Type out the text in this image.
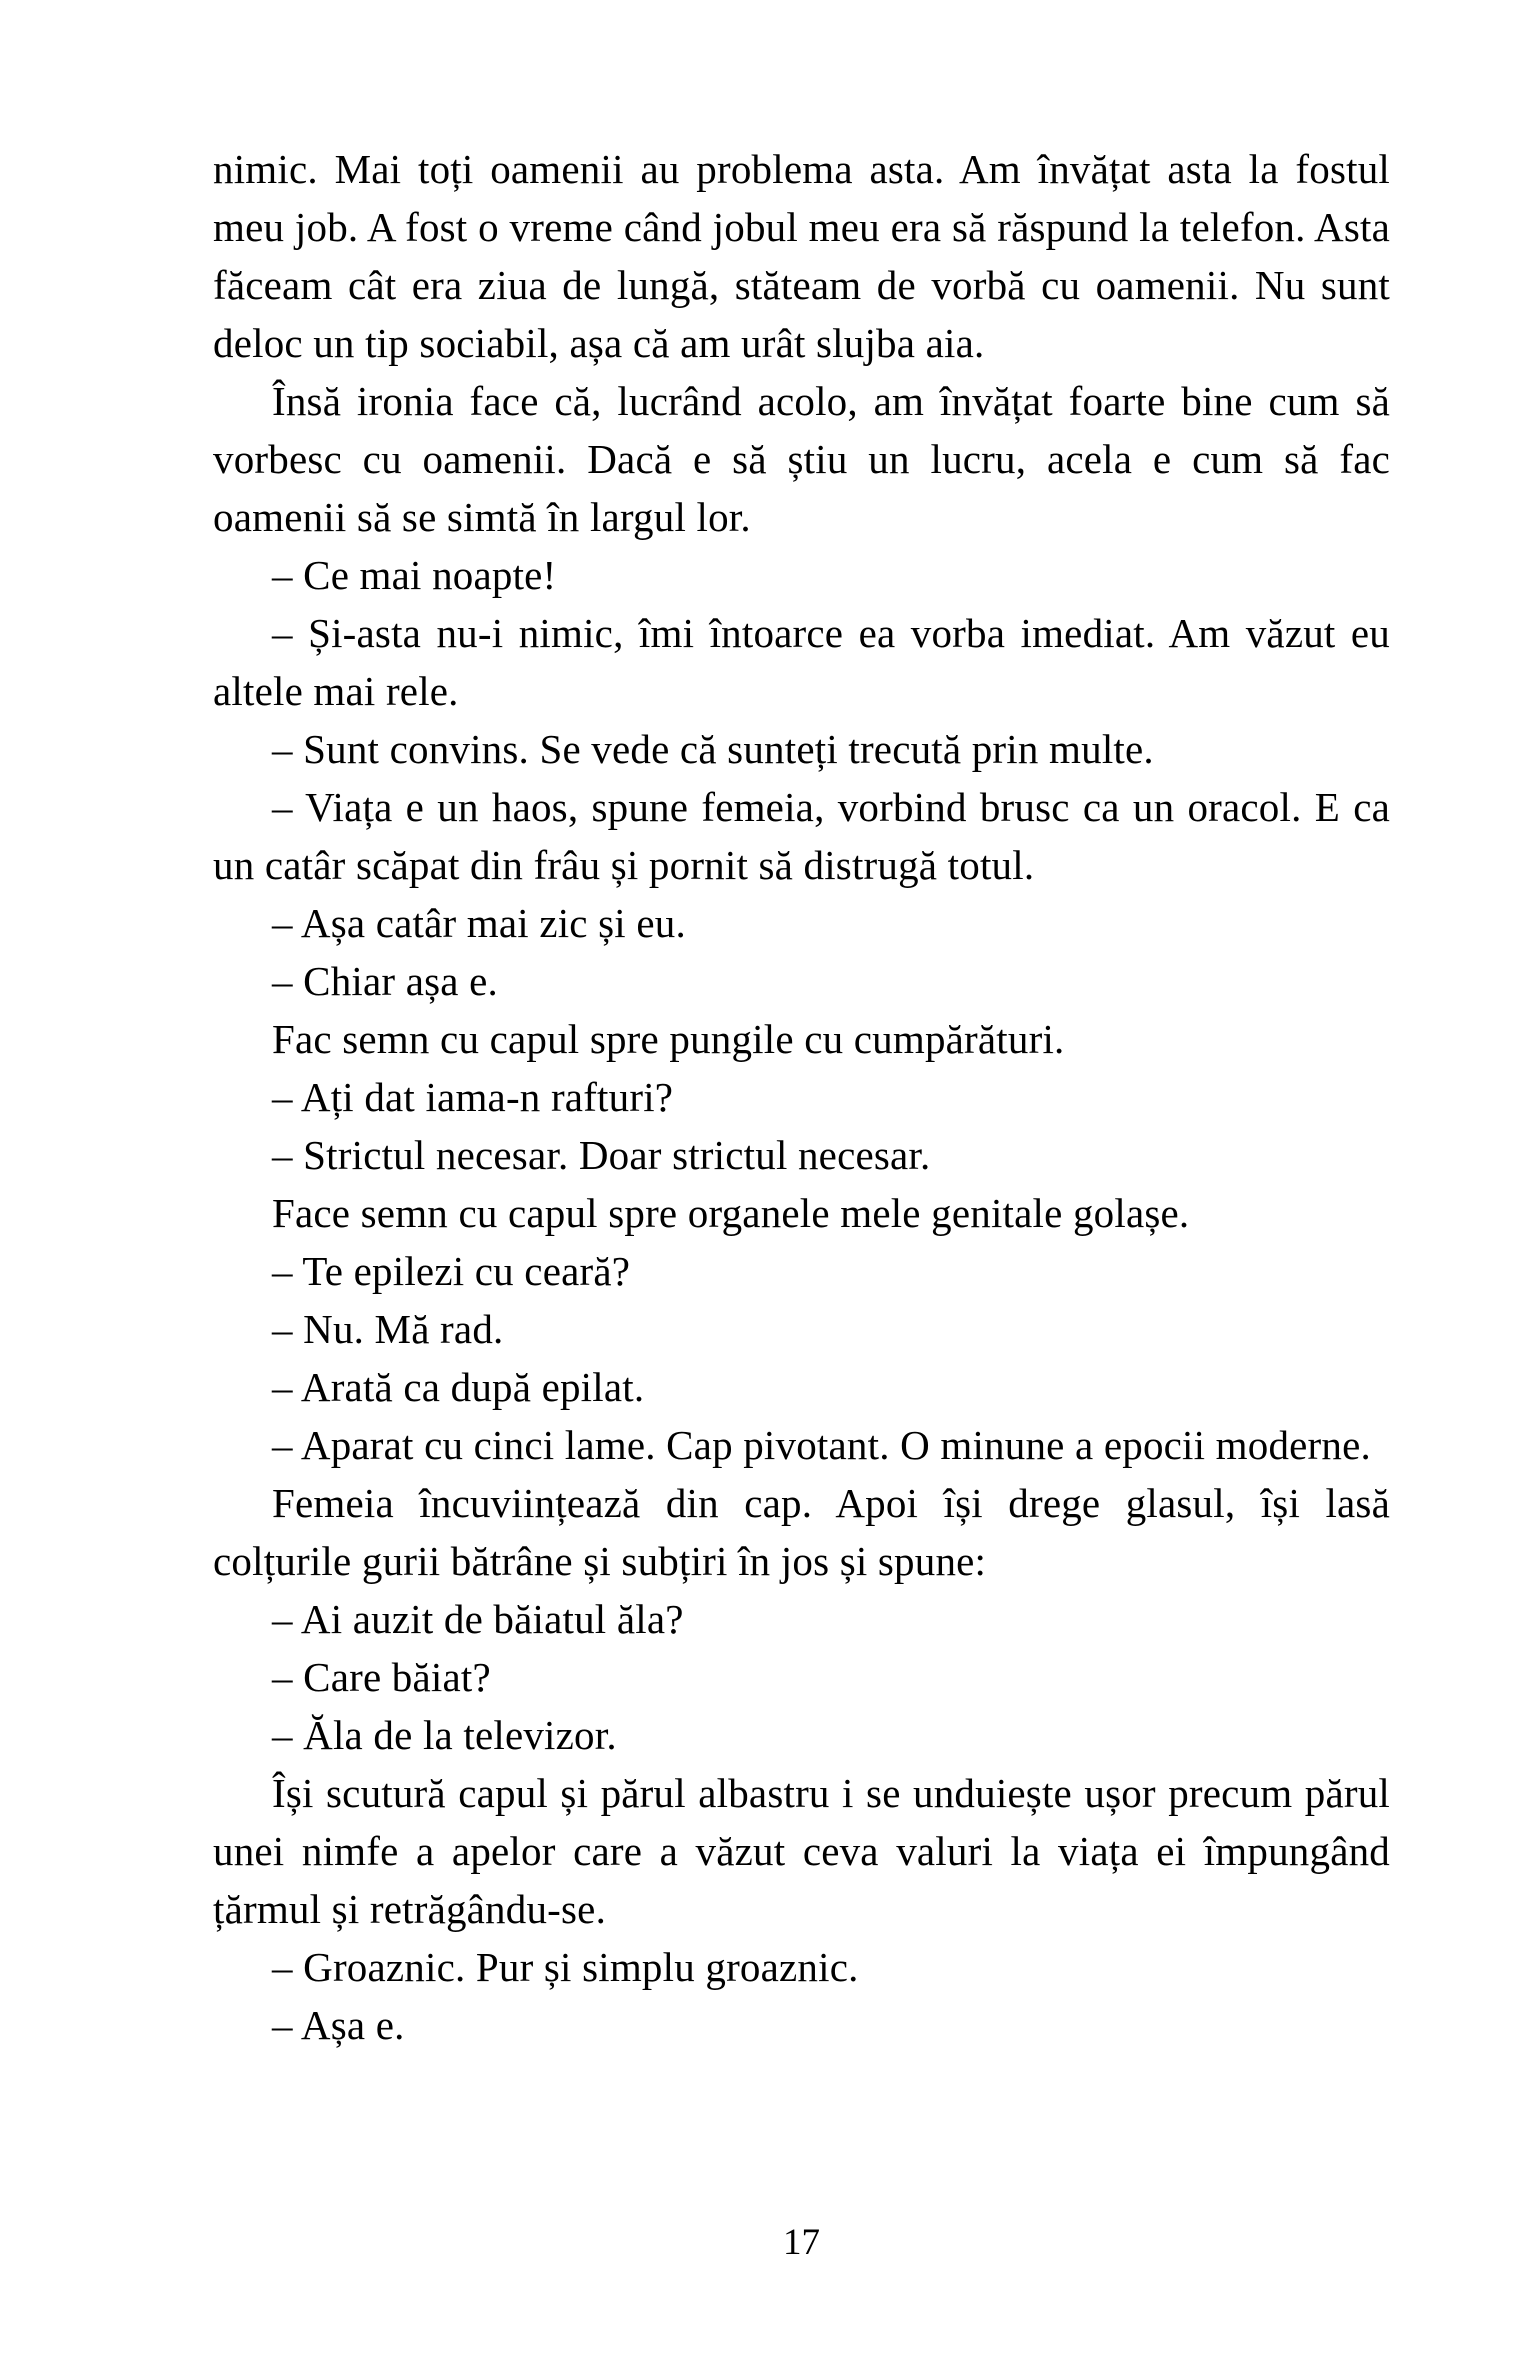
nimic. Mai toți oamenii au problema asta. Am învățat asta la fostul meu job. A fost o vreme când jobul meu era să răspund la telefon. Asta făceam cât era ziua de lungă, stăteam de vorbă cu oamenii. Nu sunt deloc un tip sociabil, așa că am urât slujba aia.

Însă ironia face că, lucrând acolo, am învățat foarte bine cum să vorbesc cu oamenii. Dacă e să știu un lucru, acela e cum să fac oamenii să se simtă în largul lor.

– Ce mai noapte!

– Și-asta nu-i nimic, îmi întoarce ea vorba imediat. Am văzut eu altele mai rele.

– Sunt convins. Se vede că sunteți trecută prin multe.

– Viața e un haos, spune femeia, vorbind brusc ca un oracol. E ca un catâr scăpat din frâu și pornit să distrugă totul.

– Așa catâr mai zic și eu.

– Chiar așa e.

Fac semn cu capul spre pungile cu cumpărături.

– Ați dat iama-n rafturi?

– Strictul necesar. Doar strictul necesar.

Face semn cu capul spre organele mele genitale golașe.

– Te epilezi cu ceară?

– Nu. Mă rad.

– Arată ca după epilat.

– Aparat cu cinci lame. Cap pivotant. O minune a epocii moderne.

Femeia încuviințează din cap. Apoi își drege glasul, își lasă colțurile gurii bătrâne și subțiri în jos și spune:

– Ai auzit de băiatul ăla?

– Care băiat?

– Ăla de la televizor.

Își scutură capul și părul albastru i se unduiește ușor precum părul unei nimfe a apelor care a văzut ceva valuri la viața ei împungând țărmul și retrăgându-se.

– Groaznic. Pur și simplu groaznic.

– Așa e.

17
